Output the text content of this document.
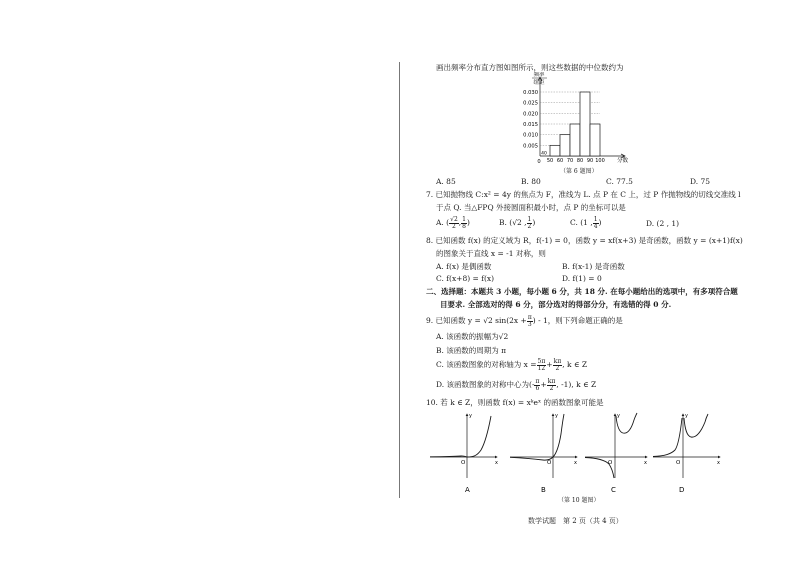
画出频率分布直方图如图所示，则这些数据的中位数约为
0.005
0.010
0.015
0.020
0.025
0.030
0
40
50 60 70 80 90 100 分数
频率
组距
（第 6 题图）
A. 85	B. 80	C. 77.5	D. 75
7. 已知抛物线 C:x² = 4y 的焦点为 F，准线为 L. 点 P 在 C 上，过 P 作抛物线的切线交准线 l
于点 Q. 当△FPQ 外接圆面积最小时，点 P 的坐标可以是
A. ( $\frac{√2}{2}$ , $\frac{1}{8}$ )	B. (√2 , $\frac{1}{2}$ )	C. (1 , $\frac{1}{4}$ )	D. (2 , 1)
8. 已知函数 f(x) 的定义域为 R，f(-1) = 0，函数 y = xf(x+3) 是奇函数，函数 y = (x+1)f(x)
的图象关于直线 x = -1 对称，则
A. f(x) 是偶函数	B. f(x-1) 是奇函数
C. f(x+8) = f(x)	D. f(1) = 0
二、选择题：本题共 3 小题，每小题 6 分，共 18 分. 在每小题给出的选项中，有多项符合题
目要求. 全部选对的得 6 分，部分选对的得部分分，有选错的得 0 分.
9. 已知函数 y = √2 $\sin(2x + \frac{\pi}{3}$ ) - 1，则下列命题正确的是
A. 该函数的振幅为√2
B. 该函数的周期为 π
C. 该函数图象的对称轴为 $x = \frac{5\pi}{12} + \frac{k\pi}{2}$ , k ∈ Z
D. 该函数图象的对称中心为(- $\frac{\pi}{6} + \frac{k\pi}{2}$ , -1), k ∈ Z
10. 若 k ∈ Z，则函数 f(x) = xᵏeˣ 的函数图象可能是
y
x
O
A
y
x
O
B
y
x
O
C
y
x
O
D
（第 10 题图）
数学试题　第 2 页（共 4 页）
